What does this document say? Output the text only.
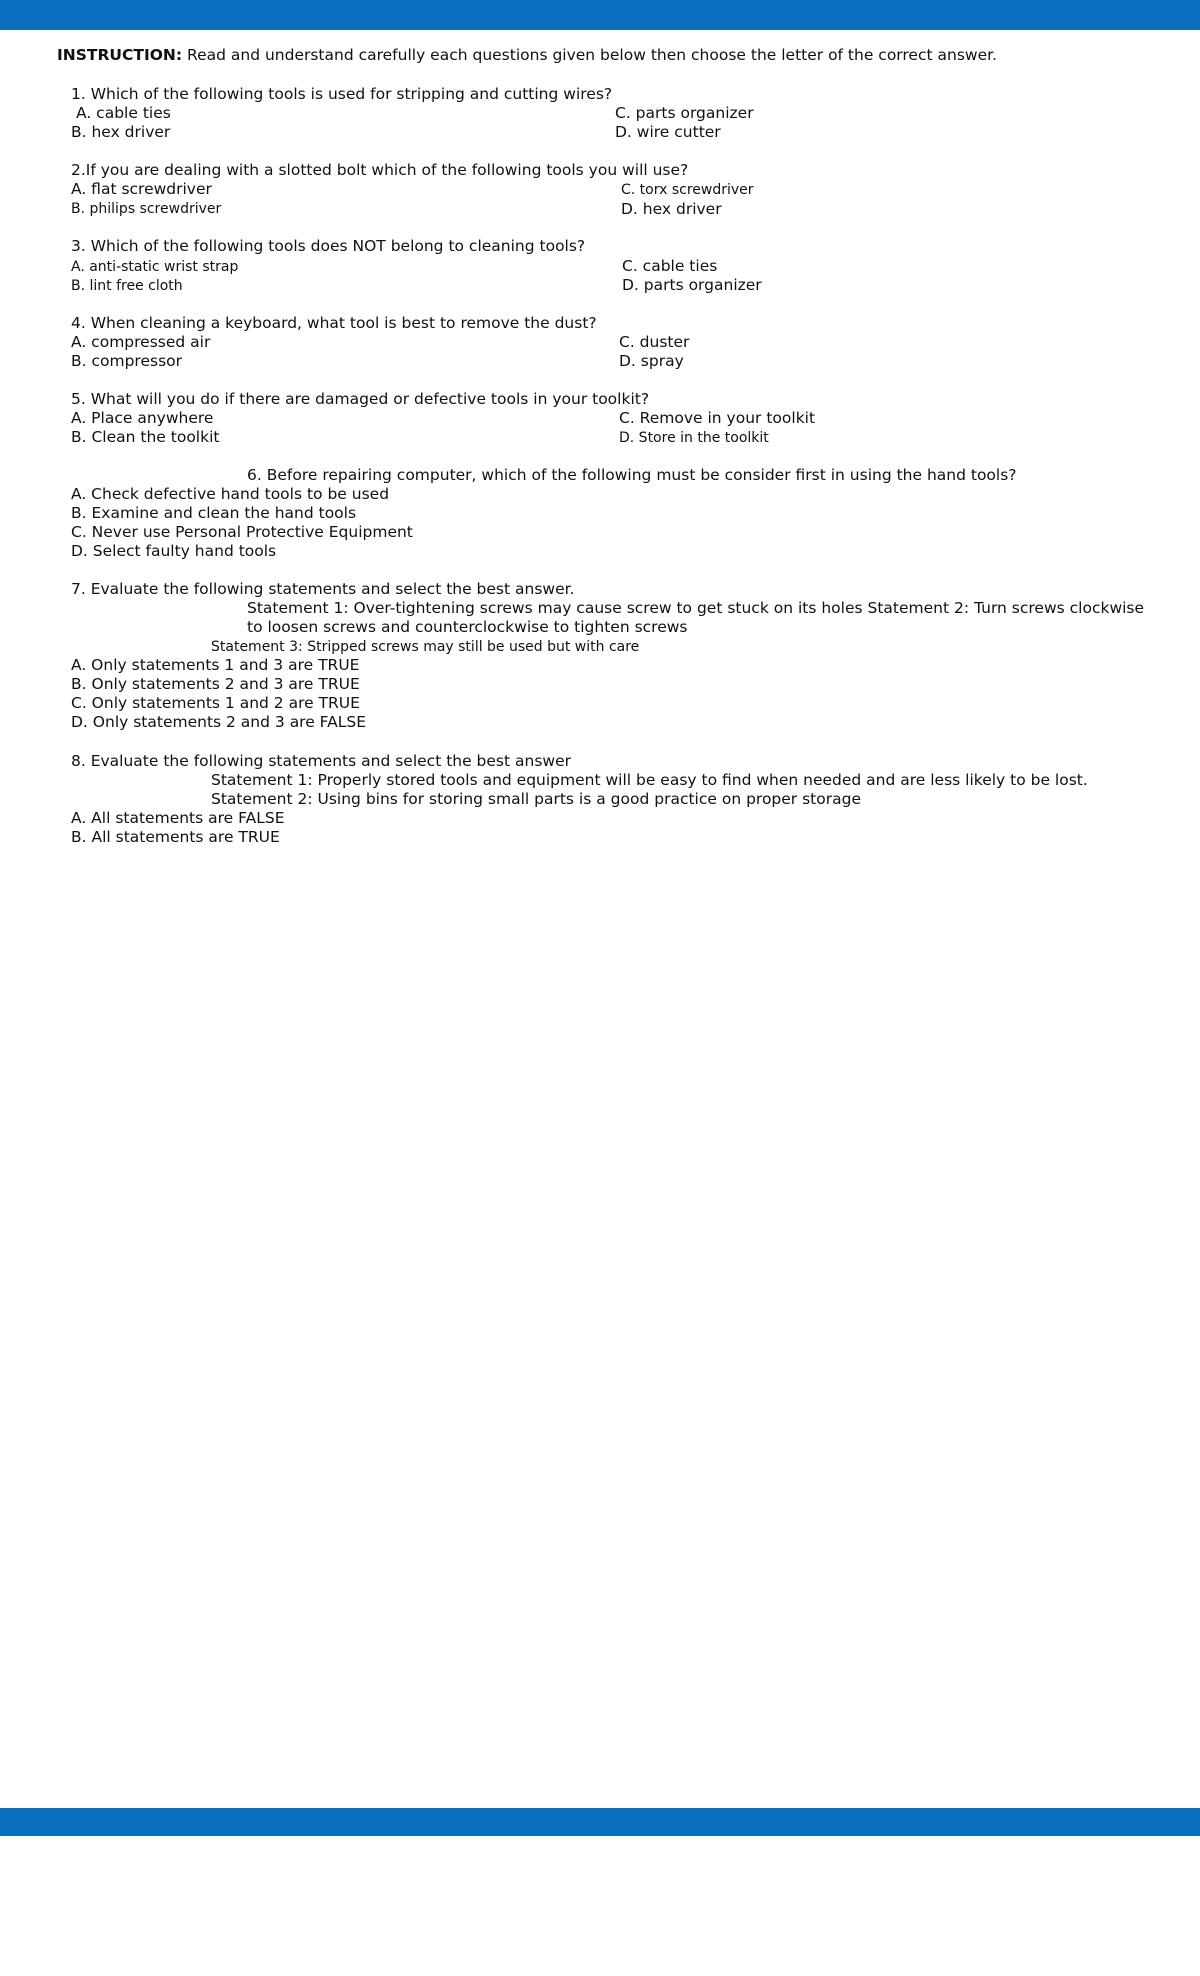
INSTRUCTION: Read and understand carefully each questions given below then choose the letter of the correct answer.
1. Which of the following tools is used for stripping and cutting wires?
A. cable ties
B. hex driver
C. parts organizer
D. wire cutter
2.If you are dealing with a slotted bolt which of the following tools you will use?
A. flat screwdriver
B. philips screwdriver
C. torx screwdriver
D. hex driver
3. Which of the following tools does NOT belong to cleaning tools?
A. anti-static wrist strap
B. lint free cloth
C. cable ties
D. parts organizer
4. When cleaning a keyboard, what tool is best to remove the dust?
A. compressed air
B. compressor
C. duster
D. spray
5. What will you do if there are damaged or defective tools in your toolkit?
A. Place anywhere
B. Clean the toolkit
C. Remove in your toolkit
D. Store in the toolkit
6. Before repairing computer, which of the following must be consider first in using the hand tools?
A. Check defective hand tools to be used
B. Examine and clean the hand tools
C. Never use Personal Protective Equipment
D. Select faulty hand tools
7. Evaluate the following statements and select the best answer.
Statement 1: Over-tightening screws may cause screw to get stuck on its holes Statement 2: Turn screws clockwise to loosen screws and counterclockwise to tighten screws
Statement 3: Stripped screws may still be used but with care
A. Only statements 1 and 3 are TRUE
B. Only statements 2 and 3 are TRUE
C. Only statements 1 and 2 are TRUE
D. Only statements 2 and 3 are FALSE
8. Evaluate the following statements and select the best answer
Statement 1: Properly stored tools and equipment will be easy to find when needed and are less likely to be lost.
Statement 2: Using bins for storing small parts is a good practice on proper storage
A. All statements are FALSE
B. All statements are TRUE
